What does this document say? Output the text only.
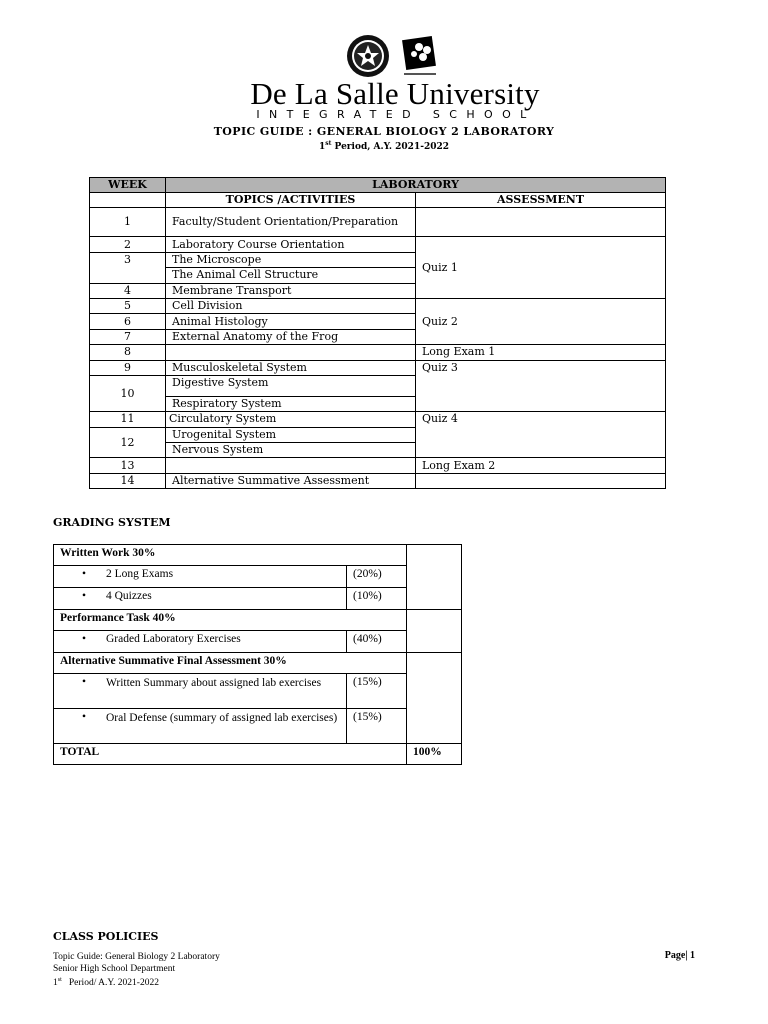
De La Salle University
INTEGRATED SCHOOL
TOPIC GUIDE : GENERAL BIOLOGY 2 LABORATORY
1st Period, A.Y. 2021-2022
WEEK	LABORATORY	
	TOPICS /ACTIVITIES	ASSESSMENT
1	Faculty/Student Orientation/Preparation	
2	Laboratory Course Orientation	Quiz 1
3	The Microscope	
	The Animal Cell Structure	
4	Membrane Transport	
5	Cell Division	Quiz 2
6	Animal Histology	
7	External Anatomy of the Frog	
8		Long Exam 1
9	Musculoskeletal System	Quiz 3
10	Digestive System	
	Respiratory System	
11	Circulatory System	Quiz 4
12	Urogenital System	
	Nervous System	
13		Long Exam 2
14	Alternative Summative Assessment	
GRADING SYSTEM
Written Work 30%		
• 2 Long Exams	(20%)	
• 4 Quizzes	(10%)	
Performance Task 40%		
• Graded Laboratory Exercises	(40%)	
Alternative Summative Final Assessment 30%		

• Written Summary about assigned lab exercises	(15%)	

• Oral Defense (summary of assigned lab exercises)	(15%)	
TOTAL		100%
CLASS POLICIES
Topic Guide: General Biology 2 Laboratory
Senior High School Department
1st   Period/ A.Y. 2021-2022
Page| 1
